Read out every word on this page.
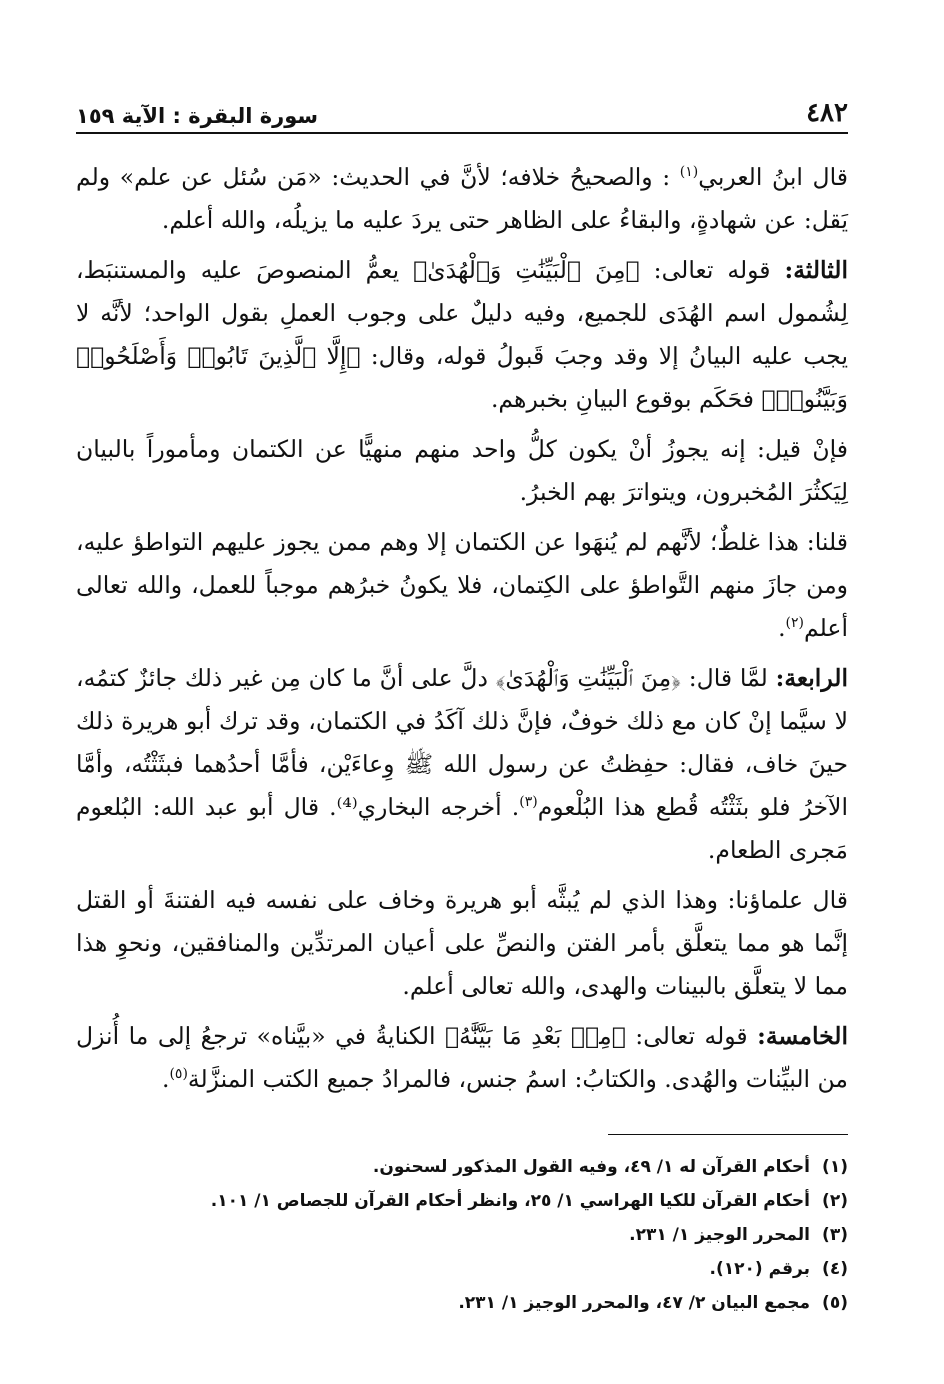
٤٨٢
سورة البقرة : الآية ١٥٩

قال ابنُ العربي$^{(١)}$ : والصحيحُ خلافه؛ لأنَّ في الحديث: «مَن سُئل عن علم» ولم يَقل: عن شهادةٍ، والبقاءُ على الظاهر حتى يردَ عليه ما يزيلُه، والله أعلم.

الثالثة: قوله تعالى: ﴿مِنَ ٱلْبَيِّنَٰتِ وَٱلْهُدَىٰ﴾ يعمُّ المنصوصَ عليه والمستنبَط، لِشُمول اسم الهُدَى للجميع، وفيه دليلٌ على وجوب العملِ بقول الواحد؛ لأنَّه لا يجب عليه البيانُ إلا وقد وجبَ قَبولُ قوله، وقال: ﴿إِلَّا ٱلَّذِينَ تَابُوا۟ وَأَصْلَحُوا۟ وَبَيَّنُوا۟﴾ فحَكَم بوقوع البيانِ بخبرهم.

فإنْ قيل: إنه يجوزُ أنْ يكون كلُّ واحد منهم منهيًّا عن الكتمان ومأموراً بالبيان لِيَكثُرَ المُخبرون، ويتواترَ بهم الخبرُ.

قلنا: هذا غلطٌ؛ لأنَّهم لم يُنهَوا عن الكتمان إلا وهم ممن يجوز عليهم التواطؤ عليه، ومن جازَ منهم التَّواطؤ على الكِتمان، فلا يكونُ خبرُهم موجباً للعمل، والله تعالى أعلم$^{(٢)}$.

الرابعة: لمَّا قال: ﴿مِنَ ٱلْبَيِّنَٰتِ وَٱلْهُدَىٰ﴾ دلَّ على أنَّ ما كان مِن غير ذلك جائزٌ كتمُه، لا سيَّما إنْ كان مع ذلك خوفٌ، فإنَّ ذلك آكَدُ في الكتمان، وقد ترك أبو هريرة ذلك حينَ خاف، فقال: حفِظتُ عن رسول الله ﷺ وِعاءَيْن، فأمَّا أحدُهما فبثَثْتُه، وأمَّا الآخرُ فلو بثَثْتُه قُطع هذا البُلْعوم$^{(٣)}$. أخرجه البخاري⁽⁴⁾. قال أبو عبد الله: البُلعوم مَجرى الطعام.

قال علماؤنا: وهذا الذي لم يُبثَّه أبو هريرة وخاف على نفسه فيه الفتنةَ أو القتل إنَّما هو مما يتعلَّق بأمر الفتن والنصِّ على أعيان المرتدِّين والمنافقين، ونحوِ هذا مما لا يتعلَّق بالبينات والهدى، والله تعالى أعلم.

الخامسة: قوله تعالى: ﴿مِنۢ بَعْدِ مَا بَيَّنَّٰهُ﴾ الكنايةُ في «بيَّناه» ترجعُ إلى ما أُنزل من البيِّنات والهُدى. والكتابُ: اسمُ جنس، فالمرادُ جميع الكتب المنزَّلة$^{(٥)}$.

(١)
أحكام القرآن له ١/ ٤٩، وفيه القول المذكور لسحنون.
(٢)
أحكام القرآن للكيا الهراسي ١/ ٢٥، وانظر أحكام القرآن للجصاص ١/ ١٠١.
(٣)
المحرر الوجيز ١/ ٢٣١.
(٤)
برقم (١٢٠).
(٥)
مجمع البيان ٢/ ٤٧، والمحرر الوجيز ١/ ٢٣١.
